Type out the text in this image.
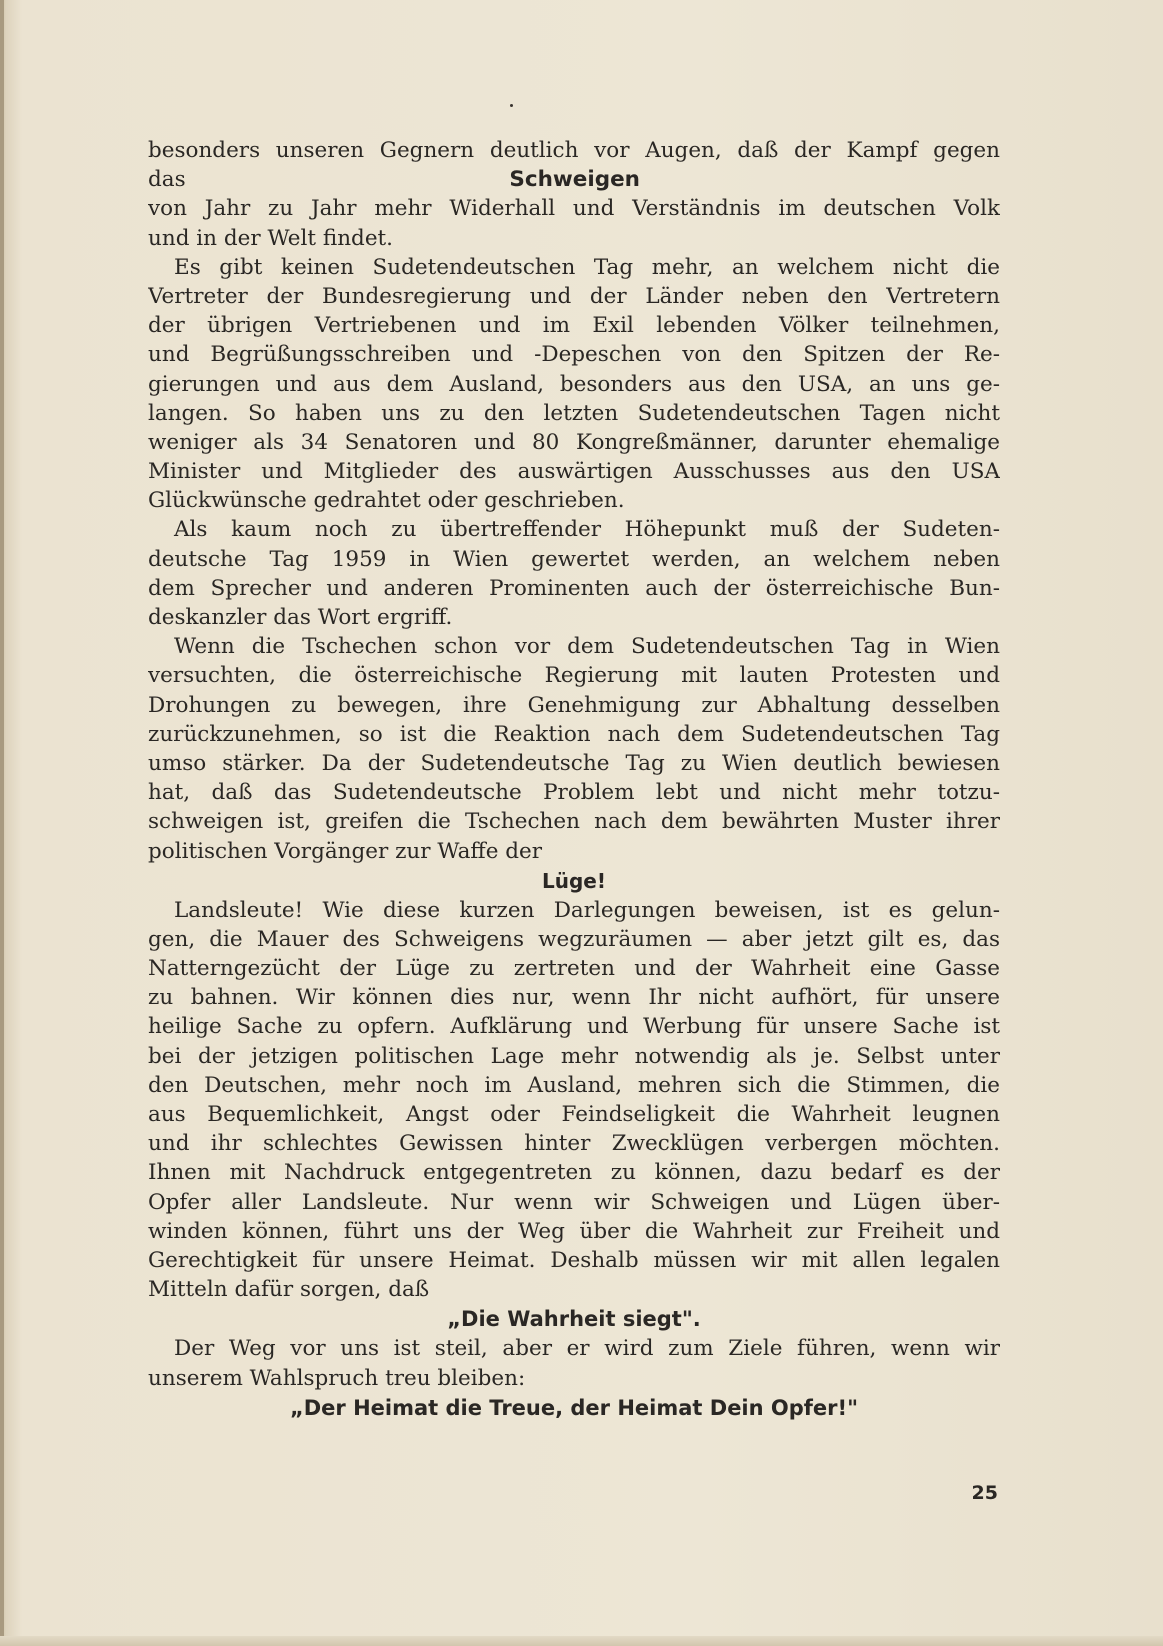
besonders unseren Gegnern deutlich vor Augen, daß der Kampf gegen
das	Schweigen
von Jahr zu Jahr mehr Widerhall und Verständnis im deutschen Volk
und in der Welt findet.
Es gibt keinen Sudetendeutschen Tag mehr, an welchem nicht die
Vertreter der Bundesregierung und der Länder neben den Vertretern
der übrigen Vertriebenen und im Exil lebenden Völker teilnehmen,
und Begrüßungsschreiben und -Depeschen von den Spitzen der Re-
gierungen und aus dem Ausland, besonders aus den USA, an uns ge-
langen. So haben uns zu den letzten Sudetendeutschen Tagen nicht
weniger als 34 Senatoren und 80 Kongreßmänner, darunter ehemalige
Minister und Mitglieder des auswärtigen Ausschusses aus den USA
Glückwünsche gedrahtet oder geschrieben.
Als kaum noch zu übertreffender Höhepunkt muß der Sudeten-
deutsche Tag 1959 in Wien gewertet werden, an welchem neben
dem Sprecher und anderen Prominenten auch der österreichische Bun-
deskanzler das Wort ergriff.
Wenn die Tschechen schon vor dem Sudetendeutschen Tag in Wien
versuchten, die österreichische Regierung mit lauten Protesten und
Drohungen zu bewegen, ihre Genehmigung zur Abhaltung desselben
zurückzunehmen, so ist die Reaktion nach dem Sudetendeutschen Tag
umso stärker. Da der Sudetendeutsche Tag zu Wien deutlich bewiesen
hat, daß das Sudetendeutsche Problem lebt und nicht mehr totzu-
schweigen ist, greifen die Tschechen nach dem bewährten Muster ihrer
politischen Vorgänger zur Waffe der
Lüge!
Landsleute! Wie diese kurzen Darlegungen beweisen, ist es gelun-
gen, die Mauer des Schweigens wegzuräumen — aber jetzt gilt es, das
Natterngezücht der Lüge zu zertreten und der Wahrheit eine Gasse
zu bahnen. Wir können dies nur, wenn Ihr nicht aufhört, für unsere
heilige Sache zu opfern. Aufklärung und Werbung für unsere Sache ist
bei der jetzigen politischen Lage mehr notwendig als je. Selbst unter
den Deutschen, mehr noch im Ausland, mehren sich die Stimmen, die
aus Bequemlichkeit, Angst oder Feindseligkeit die Wahrheit leugnen
und ihr schlechtes Gewissen hinter Zwecklügen verbergen möchten.
Ihnen mit Nachdruck entgegentreten zu können, dazu bedarf es der
Opfer aller Landsleute. Nur wenn wir Schweigen und Lügen über-
winden können, führt uns der Weg über die Wahrheit zur Freiheit und
Gerechtigkeit für unsere Heimat. Deshalb müssen wir mit allen legalen
Mitteln dafür sorgen, daß
„Die Wahrheit siegt".
Der Weg vor uns ist steil, aber er wird zum Ziele führen, wenn wir
unserem Wahlspruch treu bleiben:
„Der Heimat die Treue, der Heimat Dein Opfer!"
25
